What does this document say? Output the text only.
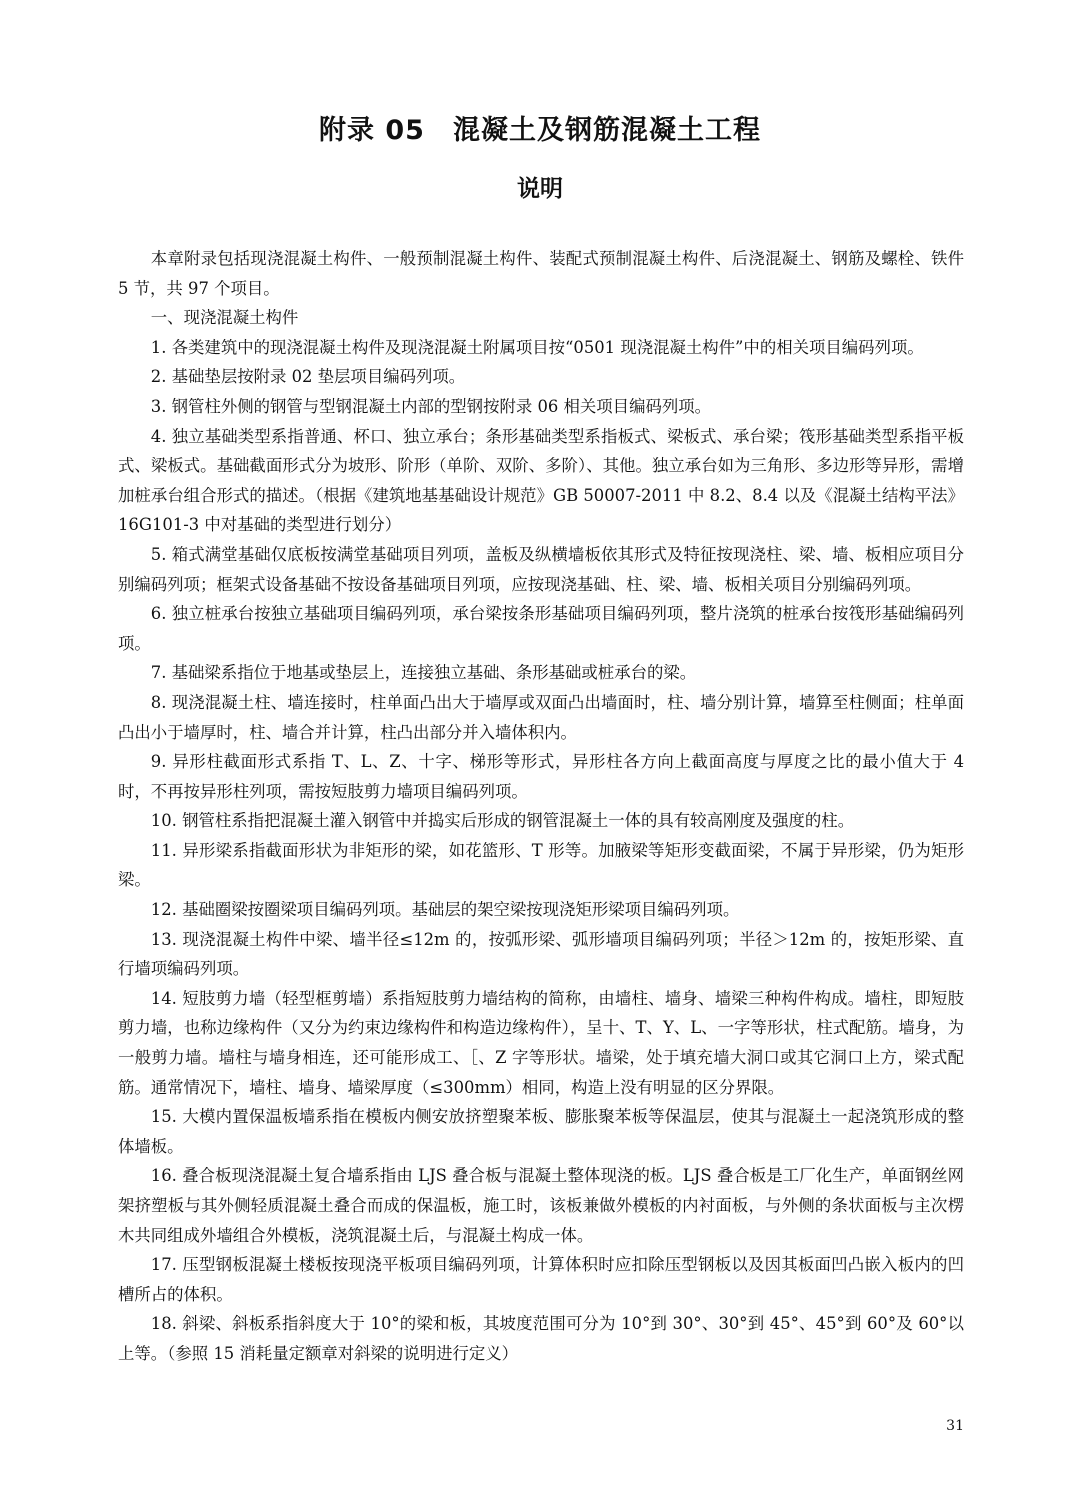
附录 05　混凝土及钢筋混凝土工程
说明

本章附录包括现浇混凝土构件、一般预制混凝土构件、装配式预制混凝土构件、后浇混凝土、钢筋及螺栓、铁件 5 节，共 97 个项目。

一、现浇混凝土构件

1. 各类建筑中的现浇混凝土构件及现浇混凝土附属项目按“0501 现浇混凝土构件”中的相关项目编码列项。

2. 基础垫层按附录 02 垫层项目编码列项。

3. 钢管柱外侧的钢管与型钢混凝土内部的型钢按附录 06 相关项目编码列项。

4. 独立基础类型系指普通、杯口、独立承台；条形基础类型系指板式、梁板式、承台梁；筏形基础类型系指平板式、梁板式。基础截面形式分为坡形、阶形（单阶、双阶、多阶）、其他。独立承台如为三角形、多边形等异形，需增加桩承台组合形式的描述。（根据《建筑地基基础设计规范》GB 50007-2011 中 8.2、8.4 以及《混凝土结构平法》16G101-3 中对基础的类型进行划分）

5. 箱式满堂基础仅底板按满堂基础项目列项，盖板及纵横墙板依其形式及特征按现浇柱、梁、墙、板相应项目分别编码列项；框架式设备基础不按设备基础项目列项，应按现浇基础、柱、梁、墙、板相关项目分别编码列项。

6. 独立桩承台按独立基础项目编码列项，承台梁按条形基础项目编码列项，整片浇筑的桩承台按筏形基础编码列项。

7. 基础梁系指位于地基或垫层上，连接独立基础、条形基础或桩承台的梁。

8. 现浇混凝土柱、墙连接时，柱单面凸出大于墙厚或双面凸出墙面时，柱、墙分别计算，墙算至柱侧面；柱单面凸出小于墙厚时，柱、墙合并计算，柱凸出部分并入墙体积内。

9. 异形柱截面形式系指 T、L、Z、十字、梯形等形式，异形柱各方向上截面高度与厚度之比的最小值大于 4 时，不再按异形柱列项，需按短肢剪力墙项目编码列项。

10. 钢管柱系指把混凝土灌入钢管中并捣实后形成的钢管混凝土一体的具有较高刚度及强度的柱。

11. 异形梁系指截面形状为非矩形的梁，如花篮形、T 形等。加腋梁等矩形变截面梁，不属于异形梁，仍为矩形梁。

12. 基础圈梁按圈梁项目编码列项。基础层的架空梁按现浇矩形梁项目编码列项。

13. 现浇混凝土构件中梁、墙半径≤12m 的，按弧形梁、弧形墙项目编码列项；半径＞12m 的，按矩形梁、直行墙项编码列项。

14. 短肢剪力墙（轻型框剪墙）系指短肢剪力墙结构的简称，由墙柱、墙身、墙梁三种构件构成。墙柱，即短肢剪力墙，也称边缘构件（又分为约束边缘构件和构造边缘构件），呈十、T、Y、L、一字等形状，柱式配筋。墙身，为一般剪力墙。墙柱与墙身相连，还可能形成工、［、Z 字等形状。墙梁，处于填充墙大洞口或其它洞口上方，梁式配筋。通常情况下，墙柱、墙身、墙梁厚度（≤300mm）相同，构造上没有明显的区分界限。

15. 大模内置保温板墙系指在模板内侧安放挤塑聚苯板、膨胀聚苯板等保温层，使其与混凝土一起浇筑形成的整体墙板。

16. 叠合板现浇混凝土复合墙系指由 LJS 叠合板与混凝土整体现浇的板。LJS 叠合板是工厂化生产，单面钢丝网架挤塑板与其外侧轻质混凝土叠合而成的保温板，施工时，该板兼做外模板的内衬面板，与外侧的条状面板与主次楞木共同组成外墙组合外模板，浇筑混凝土后，与混凝土构成一体。

17. 压型钢板混凝土楼板按现浇平板项目编码列项，计算体积时应扣除压型钢板以及因其板面凹凸嵌入板内的凹槽所占的体积。

18. 斜梁、斜板系指斜度大于 10°的梁和板，其坡度范围可分为 10°到 30°、30°到 45°、45°到 60°及 60°以上等。（参照 15 消耗量定额章对斜梁的说明进行定义）

31
